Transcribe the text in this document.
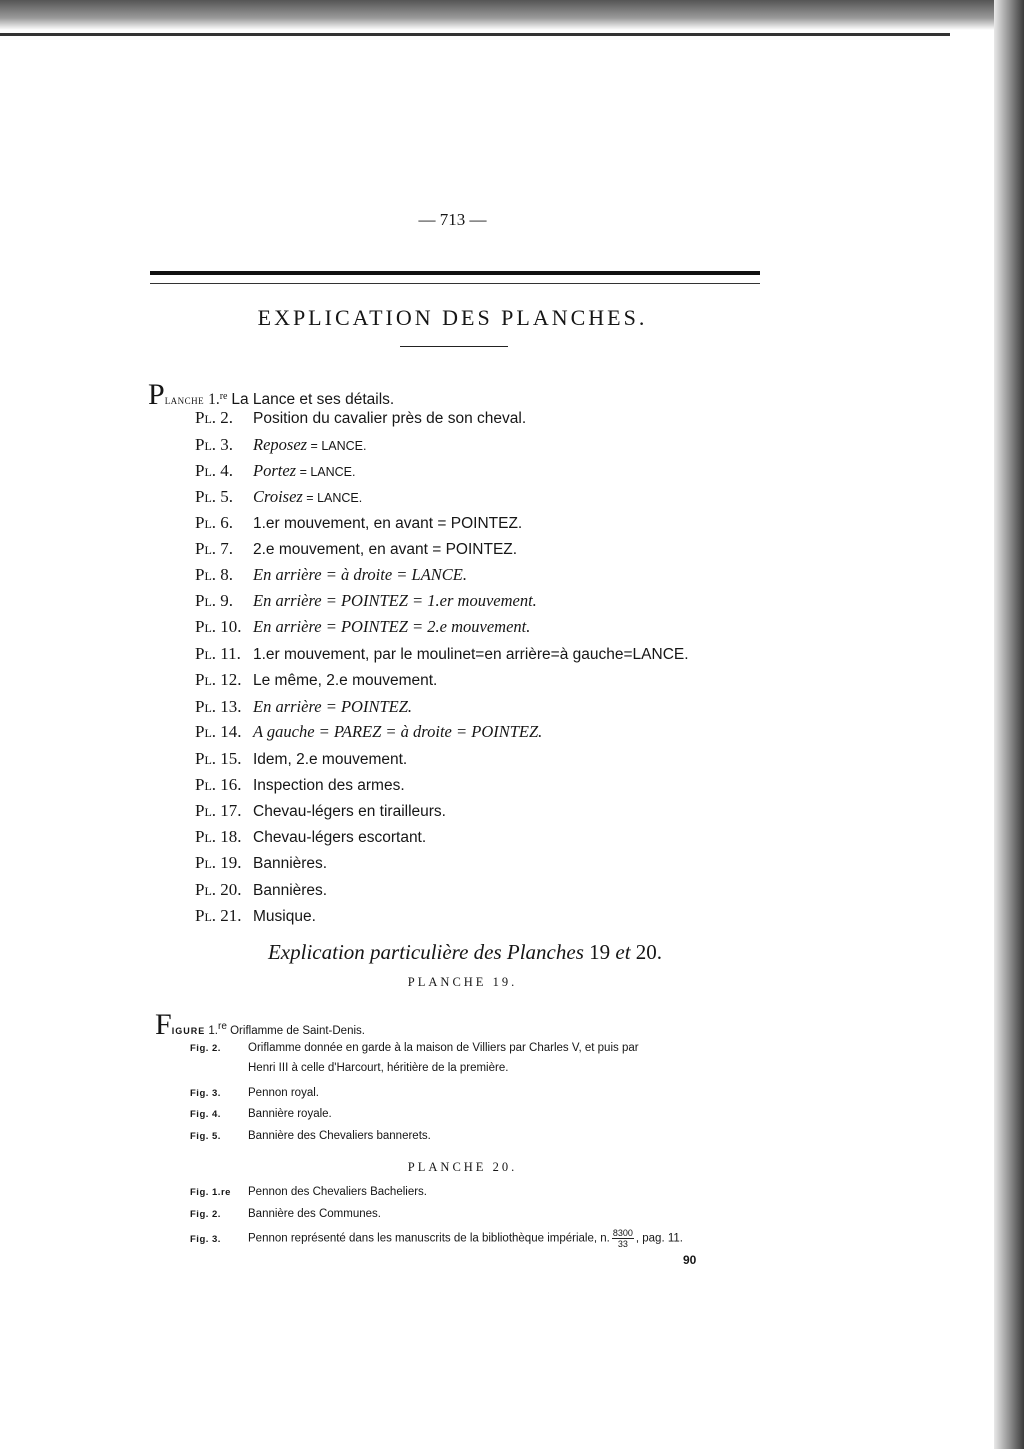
— 713 —
EXPLICATION DES PLANCHES.
Planche 1.$^{re}$ La Lance et ses détails.
Pl. 2. Position du cavalier près de son cheval.
Pl. 3. Reposez = LANCE.
Pl. 4. Portez = LANCE.
Pl. 5. Croisez = LANCE.
Pl. 6. 1.er mouvement, en avant = POINTEZ.
Pl. 7. 2.e mouvement, en avant = POINTEZ.
Pl. 8. En arrière = à droite = LANCE.
Pl. 9. En arrière = POINTEZ = 1.er mouvement.
Pl. 10. En arrière = POINTEZ = 2.e mouvement.
Pl. 11. 1.er mouvement, par le moulinet=en arrière=à gauche=LANCE.
Pl. 12. Le même, 2.e mouvement.
Pl. 13. En arrière = POINTEZ.
Pl. 14. A gauche = PAREZ = à droite = POINTEZ.
Pl. 15. Idem, 2.e mouvement.
Pl. 16. Inspection des armes.
Pl. 17. Chevau-légers en tirailleurs.
Pl. 18. Chevau-légers escortant.
Pl. 19. Bannières.
Pl. 20. Bannières.
Pl. 21. Musique.
Explication particulière des Planches 19 et 20.
PLANCHE 19.
FIGURE 1.re Oriflamme de Saint-Denis.
Fig. 2. Oriflamme donnée en garde à la maison de Villiers par Charles V, et puis par
Henri III à celle d'Harcourt, héritière de la première.
Fig. 3. Pennon royal.
Fig. 4. Bannière royale.
Fig. 5. Bannière des Chevaliers bannerets.
PLANCHE 20.
Fig. 1.re Pennon des Chevaliers Bacheliers.
Fig. 2. Bannière des Communes.
Fig. 3. Pennon représenté dans les manuscrits de la bibliothèque impériale, n. $\frac{8300}{33}$ , pag. 11.
90
